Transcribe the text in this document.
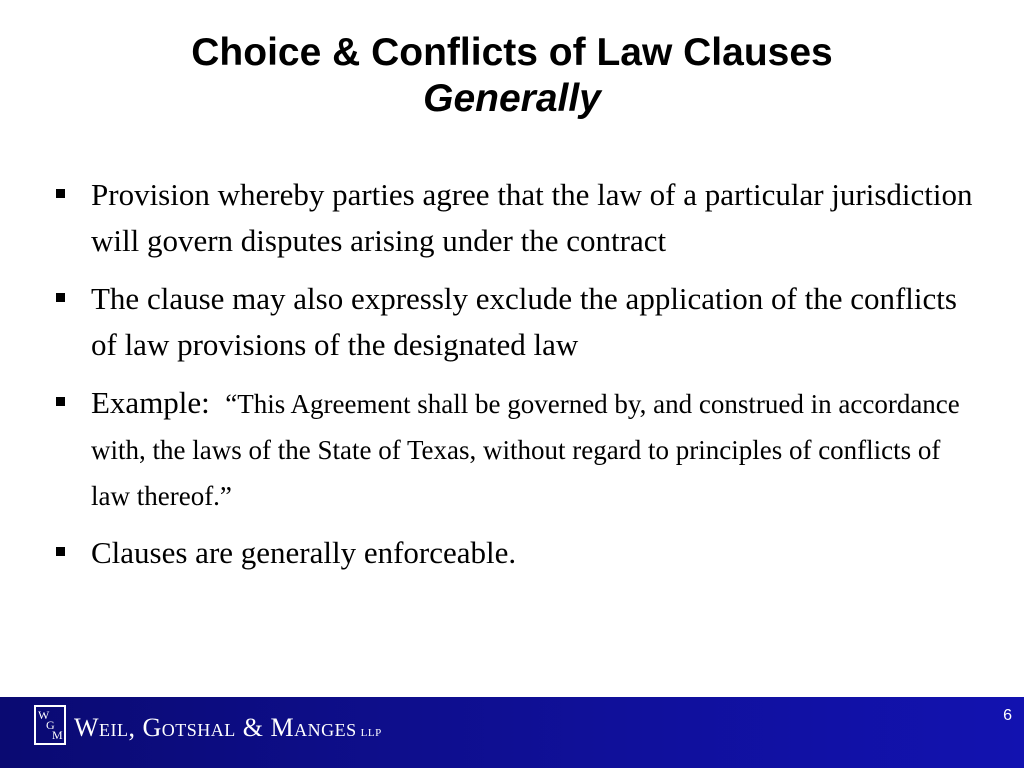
Choice & Conflicts of Law Clauses
Generally
Provision whereby parties agree that the law of a particular jurisdiction will govern disputes arising under the contract
The clause may also expressly exclude the application of the conflicts of law provisions of the designated law
Example: “This Agreement shall be governed by, and construed in accordance with, the laws of the State of Texas, without regard to principles of conflicts of law thereof.”
Clauses are generally enforceable.
W
G
M Weil, Gotshal & Manges LLP
6
